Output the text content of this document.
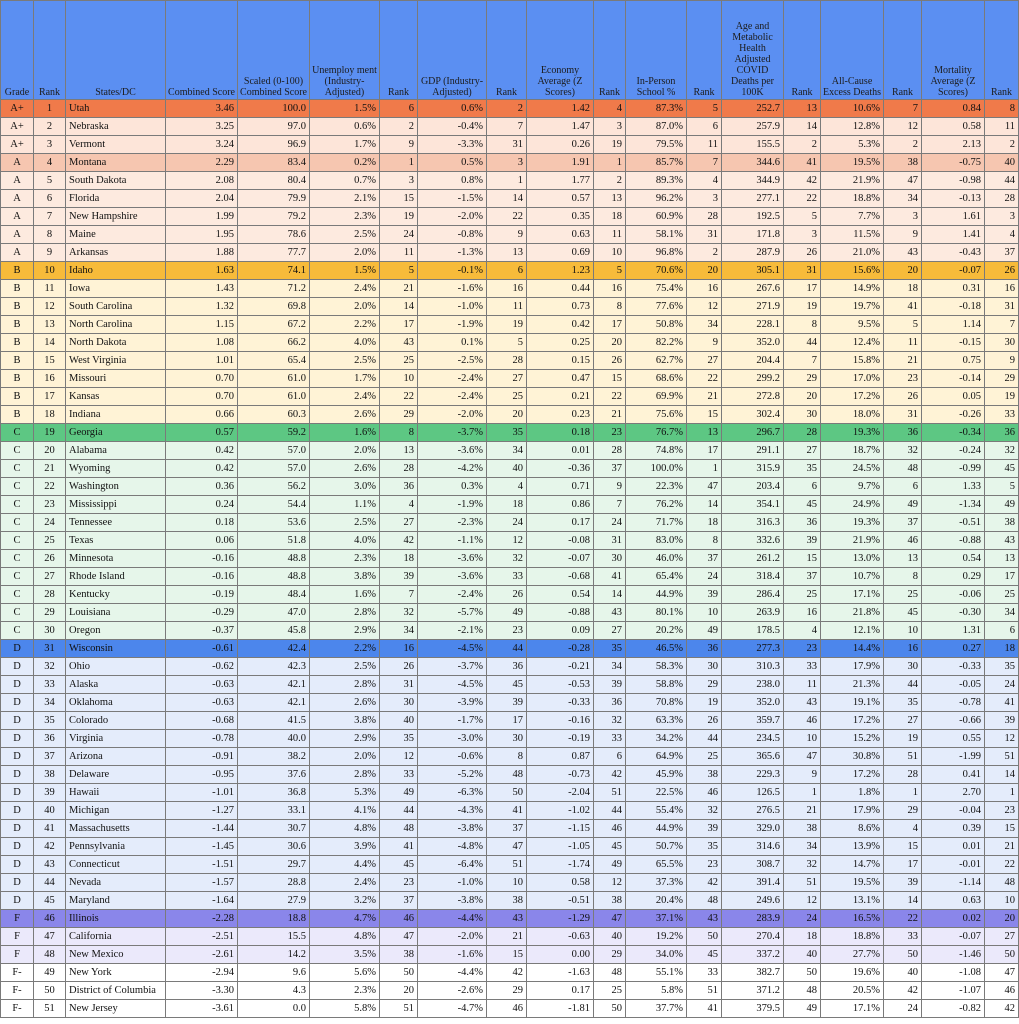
Grade	Rank	States/DC	Combined Score	Scaled (0-100) Combined Score	Unemploy ment (Industry-Adjusted)	Rank	GDP (Industry-Adjusted)	Rank	Economy Average (Z Scores)	Rank	In-Person School %	Rank	Age and Metabolic Health Adjusted COVID Deaths per 100K	Rank	All-Cause Excess Deaths	Rank	Mortality Average (Z Scores)	Rank
A+	1	Utah	3.46	100.0	1.5%	6	0.6%	2	1.42	4	87.3%	5	252.7	13	10.6%	7	0.84	8
A+	2	Nebraska	3.25	97.0	0.6%	2	-0.4%	7	1.47	3	87.0%	6	257.9	14	12.8%	12	0.58	11
A+	3	Vermont	3.24	96.9	1.7%	9	-3.3%	31	0.26	19	79.5%	11	155.5	2	5.3%	2	2.13	2
A	4	Montana	2.29	83.4	0.2%	1	0.5%	3	1.91	1	85.7%	7	344.6	41	19.5%	38	-0.75	40
A	5	South Dakota	2.08	80.4	0.7%	3	0.8%	1	1.77	2	89.3%	4	344.9	42	21.9%	47	-0.98	44
A	6	Florida	2.04	79.9	2.1%	15	-1.5%	14	0.57	13	96.2%	3	277.1	22	18.8%	34	-0.13	28
A	7	New Hampshire	1.99	79.2	2.3%	19	-2.0%	22	0.35	18	60.9%	28	192.5	5	7.7%	3	1.61	3
A	8	Maine	1.95	78.6	2.5%	24	-0.8%	9	0.63	11	58.1%	31	171.8	3	11.5%	9	1.41	4
A	9	Arkansas	1.88	77.7	2.0%	11	-1.3%	13	0.69	10	96.8%	2	287.9	26	21.0%	43	-0.43	37
B	10	Idaho	1.63	74.1	1.5%	5	-0.1%	6	1.23	5	70.6%	20	305.1	31	15.6%	20	-0.07	26
B	11	Iowa	1.43	71.2	2.4%	21	-1.6%	16	0.44	16	75.4%	16	267.6	17	14.9%	18	0.31	16
B	12	South Carolina	1.32	69.8	2.0%	14	-1.0%	11	0.73	8	77.6%	12	271.9	19	19.7%	41	-0.18	31
B	13	North Carolina	1.15	67.2	2.2%	17	-1.9%	19	0.42	17	50.8%	34	228.1	8	9.5%	5	1.14	7
B	14	North Dakota	1.08	66.2	4.0%	43	0.1%	5	0.25	20	82.2%	9	352.0	44	12.4%	11	-0.15	30
B	15	West Virginia	1.01	65.4	2.5%	25	-2.5%	28	0.15	26	62.7%	27	204.4	7	15.8%	21	0.75	9
B	16	Missouri	0.70	61.0	1.7%	10	-2.4%	27	0.47	15	68.6%	22	299.2	29	17.0%	23	-0.14	29
B	17	Kansas	0.70	61.0	2.4%	22	-2.4%	25	0.21	22	69.9%	21	272.8	20	17.2%	26	0.05	19
B	18	Indiana	0.66	60.3	2.6%	29	-2.0%	20	0.23	21	75.6%	15	302.4	30	18.0%	31	-0.26	33
C	19	Georgia	0.57	59.2	1.6%	8	-3.7%	35	0.18	23	76.7%	13	296.7	28	19.3%	36	-0.34	36
C	20	Alabama	0.42	57.0	2.0%	13	-3.6%	34	0.01	28	74.8%	17	291.1	27	18.7%	32	-0.24	32
C	21	Wyoming	0.42	57.0	2.6%	28	-4.2%	40	-0.36	37	100.0%	1	315.9	35	24.5%	48	-0.99	45
C	22	Washington	0.36	56.2	3.0%	36	0.3%	4	0.71	9	22.3%	47	203.4	6	9.7%	6	1.33	5
C	23	Mississippi	0.24	54.4	1.1%	4	-1.9%	18	0.86	7	76.2%	14	354.1	45	24.9%	49	-1.34	49
C	24	Tennessee	0.18	53.6	2.5%	27	-2.3%	24	0.17	24	71.7%	18	316.3	36	19.3%	37	-0.51	38
C	25	Texas	0.06	51.8	4.0%	42	-1.1%	12	-0.08	31	83.0%	8	332.6	39	21.9%	46	-0.88	43
C	26	Minnesota	-0.16	48.8	2.3%	18	-3.6%	32	-0.07	30	46.0%	37	261.2	15	13.0%	13	0.54	13
C	27	Rhode Island	-0.16	48.8	3.8%	39	-3.6%	33	-0.68	41	65.4%	24	318.4	37	10.7%	8	0.29	17
C	28	Kentucky	-0.19	48.4	1.6%	7	-2.4%	26	0.54	14	44.9%	39	286.4	25	17.1%	25	-0.06	25
C	29	Louisiana	-0.29	47.0	2.8%	32	-5.7%	49	-0.88	43	80.1%	10	263.9	16	21.8%	45	-0.30	34
C	30	Oregon	-0.37	45.8	2.9%	34	-2.1%	23	0.09	27	20.2%	49	178.5	4	12.1%	10	1.31	6
D	31	Wisconsin	-0.61	42.4	2.2%	16	-4.5%	44	-0.28	35	46.5%	36	277.3	23	14.4%	16	0.27	18
D	32	Ohio	-0.62	42.3	2.5%	26	-3.7%	36	-0.21	34	58.3%	30	310.3	33	17.9%	30	-0.33	35
D	33	Alaska	-0.63	42.1	2.8%	31	-4.5%	45	-0.53	39	58.8%	29	238.0	11	21.3%	44	-0.05	24
D	34	Oklahoma	-0.63	42.1	2.6%	30	-3.9%	39	-0.33	36	70.8%	19	352.0	43	19.1%	35	-0.78	41
D	35	Colorado	-0.68	41.5	3.8%	40	-1.7%	17	-0.16	32	63.3%	26	359.7	46	17.2%	27	-0.66	39
D	36	Virginia	-0.78	40.0	2.9%	35	-3.0%	30	-0.19	33	34.2%	44	234.5	10	15.2%	19	0.55	12
D	37	Arizona	-0.91	38.2	2.0%	12	-0.6%	8	0.87	6	64.9%	25	365.6	47	30.8%	51	-1.99	51
D	38	Delaware	-0.95	37.6	2.8%	33	-5.2%	48	-0.73	42	45.9%	38	229.3	9	17.2%	28	0.41	14
D	39	Hawaii	-1.01	36.8	5.3%	49	-6.3%	50	-2.04	51	22.5%	46	126.5	1	1.8%	1	2.70	1
D	40	Michigan	-1.27	33.1	4.1%	44	-4.3%	41	-1.02	44	55.4%	32	276.5	21	17.9%	29	-0.04	23
D	41	Massachusetts	-1.44	30.7	4.8%	48	-3.8%	37	-1.15	46	44.9%	39	329.0	38	8.6%	4	0.39	15
D	42	Pennsylvania	-1.45	30.6	3.9%	41	-4.8%	47	-1.05	45	50.7%	35	314.6	34	13.9%	15	0.01	21
D	43	Connecticut	-1.51	29.7	4.4%	45	-6.4%	51	-1.74	49	65.5%	23	308.7	32	14.7%	17	-0.01	22
D	44	Nevada	-1.57	28.8	2.4%	23	-1.0%	10	0.58	12	37.3%	42	391.4	51	19.5%	39	-1.14	48
D	45	Maryland	-1.64	27.9	3.2%	37	-3.8%	38	-0.51	38	20.4%	48	249.6	12	13.1%	14	0.63	10
F	46	Illinois	-2.28	18.8	4.7%	46	-4.4%	43	-1.29	47	37.1%	43	283.9	24	16.5%	22	0.02	20
F	47	California	-2.51	15.5	4.8%	47	-2.0%	21	-0.63	40	19.2%	50	270.4	18	18.8%	33	-0.07	27
F	48	New Mexico	-2.61	14.2	3.5%	38	-1.6%	15	0.00	29	34.0%	45	337.2	40	27.7%	50	-1.46	50
F-	49	New York	-2.94	9.6	5.6%	50	-4.4%	42	-1.63	48	55.1%	33	382.7	50	19.6%	40	-1.08	47
F-	50	District of Columbia	-3.30	4.3	2.3%	20	-2.6%	29	0.17	25	5.8%	51	371.2	48	20.5%	42	-1.07	46
F-	51	New Jersey	-3.61	0.0	5.8%	51	-4.7%	46	-1.81	50	37.7%	41	379.5	49	17.1%	24	-0.82	42
